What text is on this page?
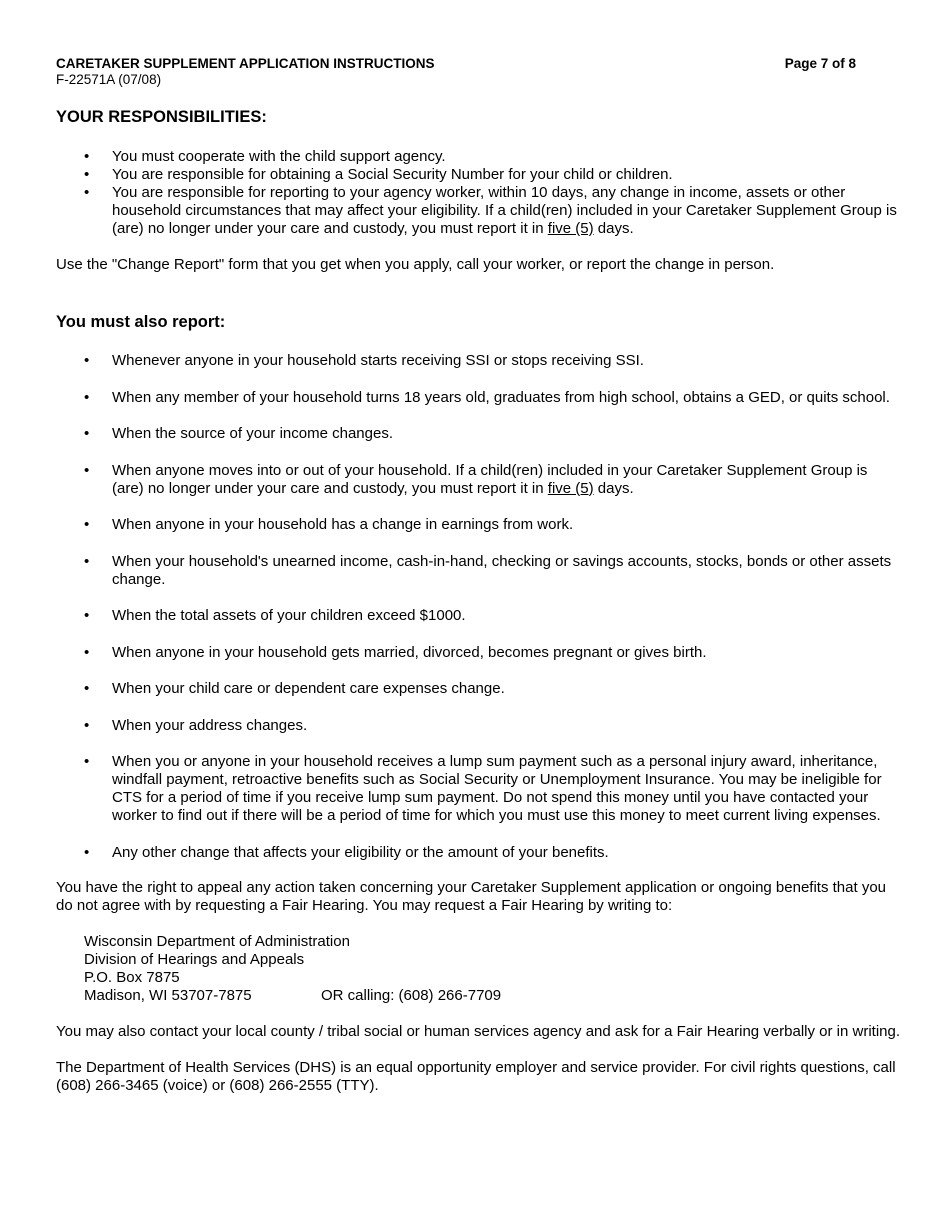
CARETAKER SUPPLEMENT APPLICATION INSTRUCTIONS	Page 7 of 8
F-22571A (07/08)
YOUR RESPONSIBILITIES:
• You must cooperate with the child support agency.
• You are responsible for obtaining a Social Security Number for your child or children.
• You are responsible for reporting to your agency worker, within 10 days, any change in income, assets or other household circumstances that may affect your eligibility. If a child(ren) included in your Caretaker Supplement Group is (are) no longer under your care and custody, you must report it in five (5) days.

Use the "Change Report" form that you get when you apply, call your worker, or report the change in person.

You must also report:
• Whenever anyone in your household starts receiving SSI or stops receiving SSI.
• When any member of your household turns 18 years old, graduates from high school, obtains a GED, or quits school.
• When the source of your income changes.
• When anyone moves into or out of your household. If a child(ren) included in your Caretaker Supplement Group is (are) no longer under your care and custody, you must report it in five (5) days.
• When anyone in your household has a change in earnings from work.
• When your household's unearned income, cash-in-hand, checking or savings accounts, stocks, bonds or other assets change.
• When the total assets of your children exceed $1000.
• When anyone in your household gets married, divorced, becomes pregnant or gives birth.
• When your child care or dependent care expenses change.
• When your address changes.
• When you or anyone in your household receives a lump sum payment such as a personal injury award, inheritance, windfall payment, retroactive benefits such as Social Security or Unemployment Insurance. You may be ineligible for CTS for a period of time if you receive lump sum payment. Do not spend this money until you have contacted your worker to find out if there will be a period of time for which you must use this money to meet current living expenses.
• Any other change that affects your eligibility or the amount of your benefits.

You have the right to appeal any action taken concerning your Caretaker Supplement application or ongoing benefits that you do not agree with by requesting a Fair Hearing. You may request a Fair Hearing by writing to:

Wisconsin Department of Administration
Division of Hearings and Appeals
P.O. Box 7875
Madison, WI 53707-7875	OR calling: (608) 266-7709

You may also contact your local county / tribal social or human services agency and ask for a Fair Hearing verbally or in writing.

The Department of Health Services (DHS) is an equal opportunity employer and service provider. For civil rights questions, call (608) 266-3465 (voice) or (608) 266-2555 (TTY).
